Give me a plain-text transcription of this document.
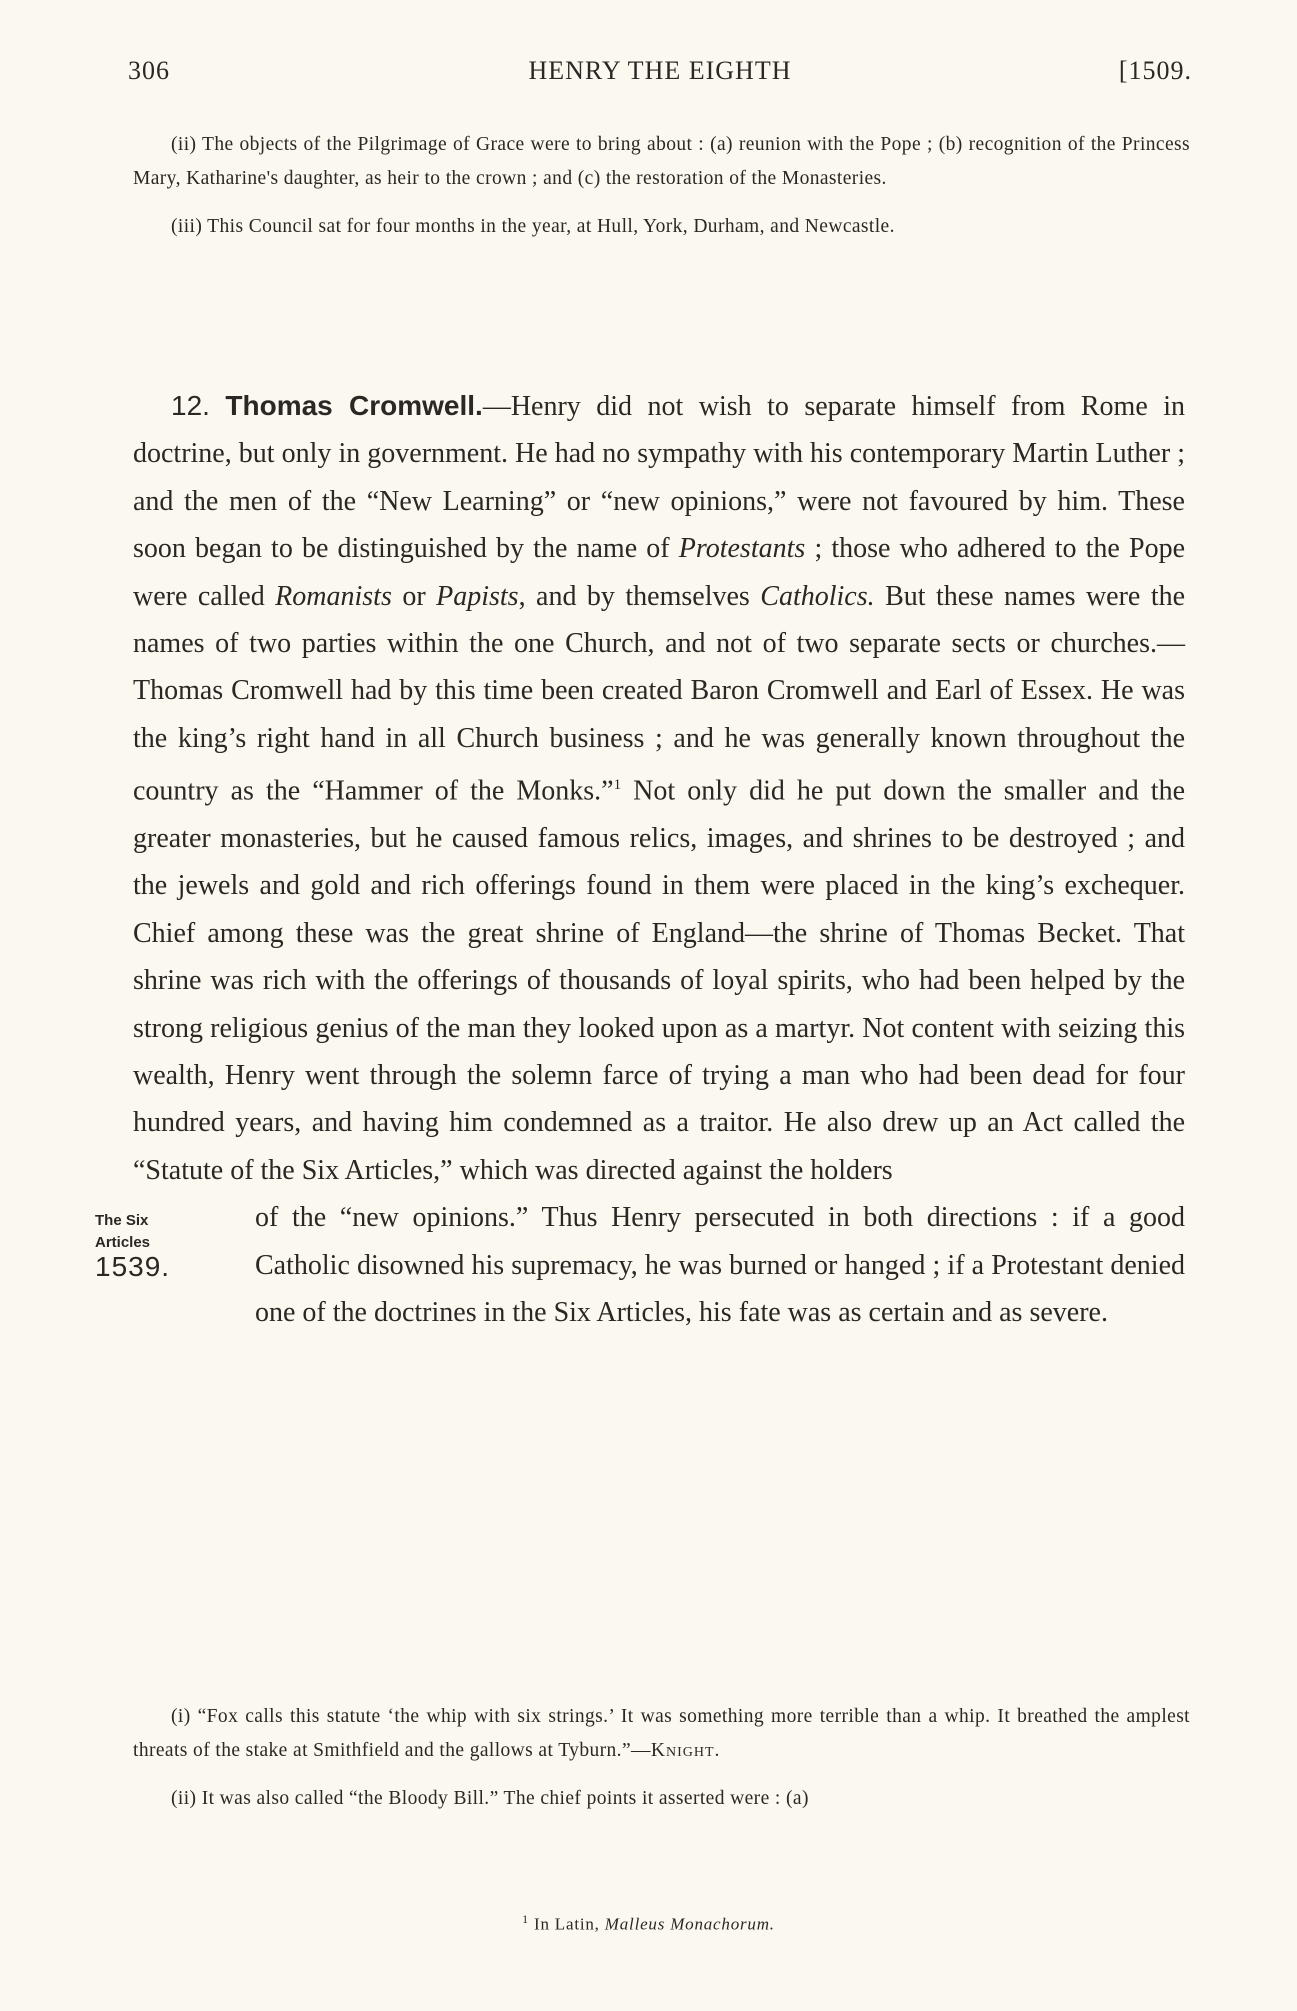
306	HENRY THE EIGHTH	[1509.

(ii) The objects of the Pilgrimage of Grace were to bring about : (a) reunion with the Pope ; (b) recognition of the Princess Mary, Katharine's daughter, as heir to the crown ; and (c) the restoration of the Monasteries.

(iii) This Council sat for four months in the year, at Hull, York, Durham, and Newcastle.

12. Thomas Cromwell.—Henry did not wish to separate himself from Rome in doctrine, but only in government. He had no sympathy with his contemporary Martin Luther ; and the men of the “New Learning” or “new opinions,” were not favoured by him. These soon began to be distinguished by the name of Protestants ; those who adhered to the Pope were called Romanists or Papists, and by themselves Catholics. But these names were the names of two parties within the one Church, and not of two separate sects or churches.—Thomas Cromwell had by this time been created Baron Cromwell and Earl of Essex. He was the king’s right hand in all Church business ; and he was generally known throughout the country as the “Hammer of the Monks.”$^1$ Not only did he put down the smaller and the greater monasteries, but he caused famous relics, images, and shrines to be destroyed ; and the jewels and gold and rich offerings found in them were placed in the king’s exchequer. Chief among these was the great shrine of England—the shrine of Thomas Becket. That shrine was rich with the offerings of thousands of loyal spirits, who had been helped by the strong religious genius of the man they looked upon as a martyr. Not content with seizing this wealth, Henry went through the solemn farce of trying a man who had been dead for four hundred years, and having him condemned as a traitor. He also drew up an Act called the “Statute of the Six Articles,” which was directed against the holders

The Six
Articles
1539.

of the “new opinions.” Thus Henry persecuted in both directions : if a good Catholic disowned his supremacy, he was burned or hanged ; if a Protestant denied one of the doctrines in the Six Articles, his fate was as certain and as severe.

(i) “Fox calls this statute ‘the whip with six strings.’ It was something more terrible than a whip. It breathed the amplest threats of the stake at Smithfield and the gallows at Tyburn.”—Knight.

(ii) It was also called “the Bloody Bill.” The chief points it asserted were : (a)

$^1$ In Latin, Malleus Monachorum.
